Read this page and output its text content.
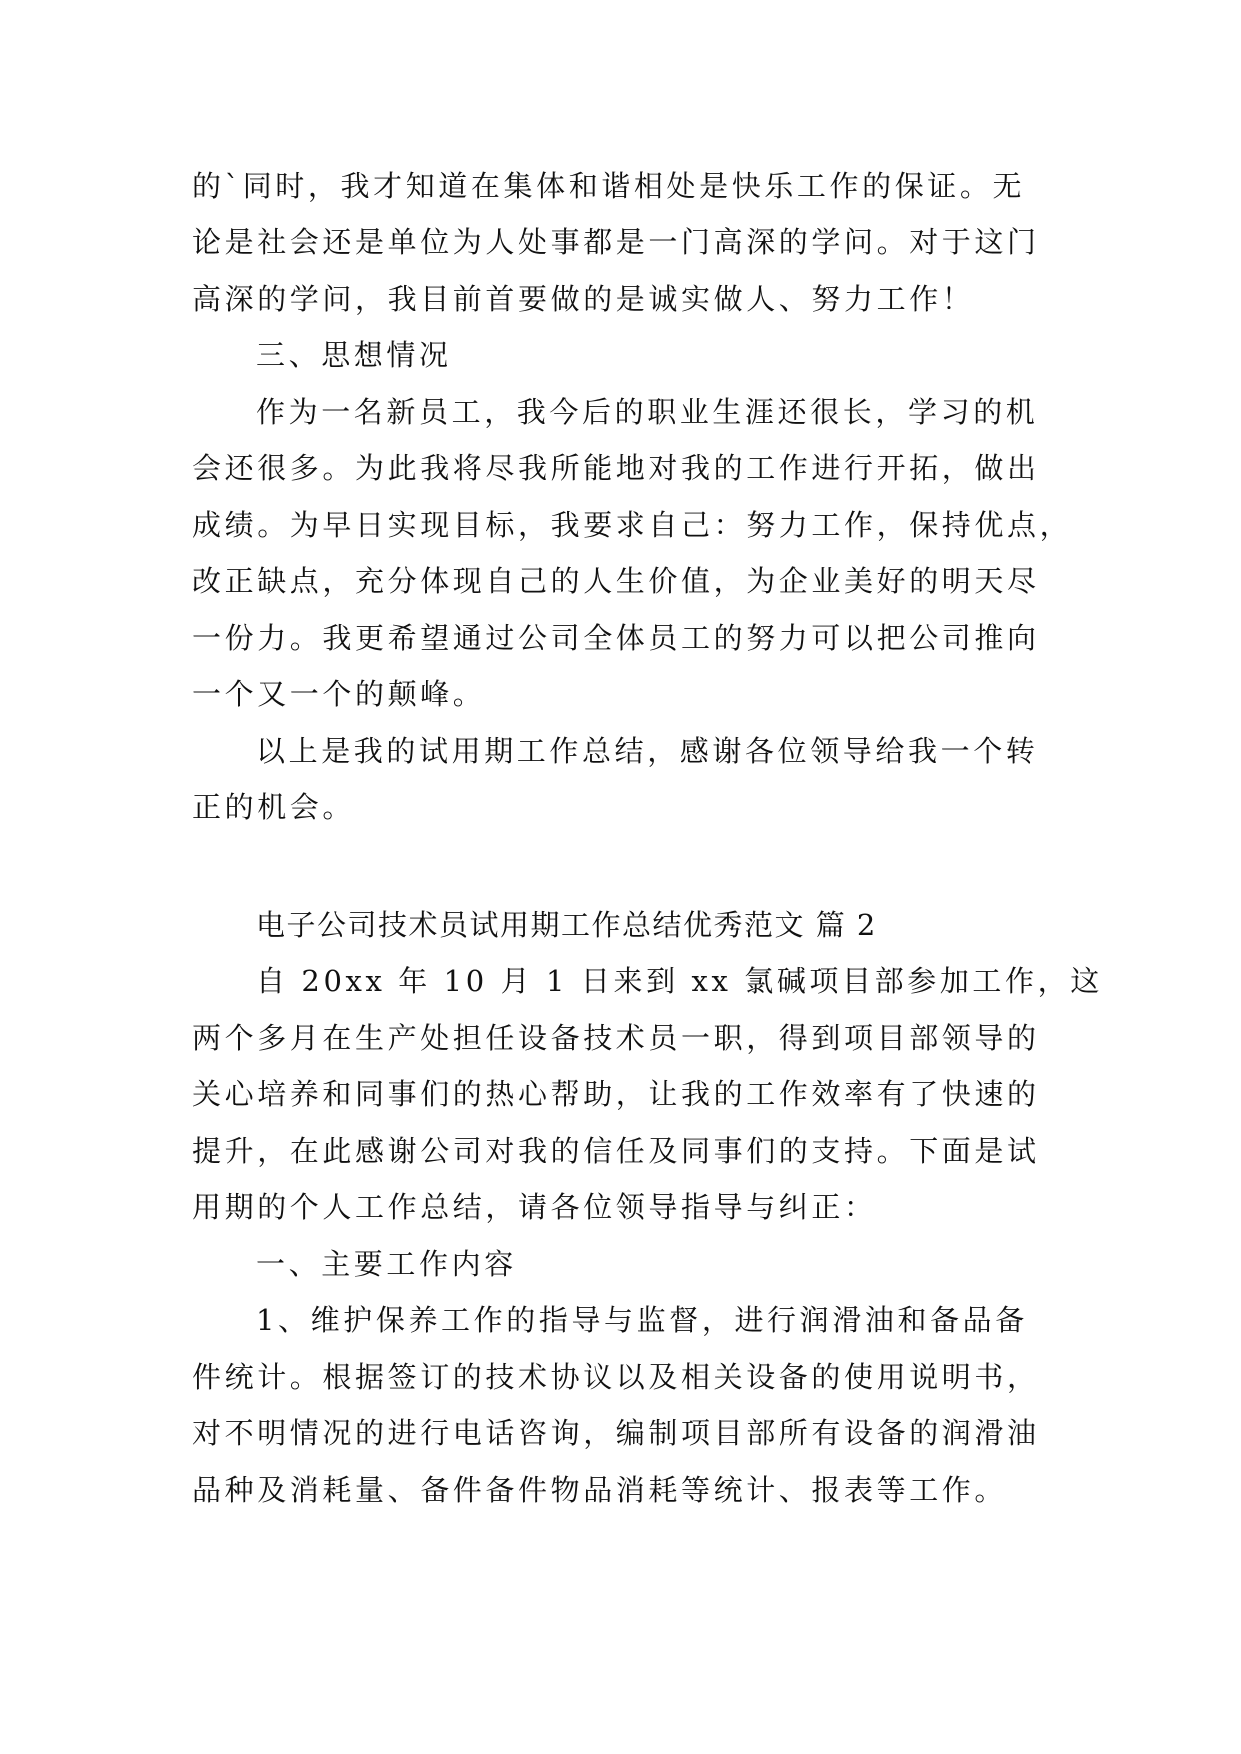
的`同时，我才知道在集体和谐相处是快乐工作的保证。无
论是社会还是单位为人处事都是一门高深的学问。对于这门
高深的学问，我目前首要做的是诚实做人、努力工作！
三、思想情况
作为一名新员工，我今后的职业生涯还很长，学习的机
会还很多。为此我将尽我所能地对我的工作进行开拓，做出
成绩。为早日实现目标，我要求自己：努力工作，保持优点，
改正缺点，充分体现自己的人生价值，为企业美好的明天尽
一份力。我更希望通过公司全体员工的努力可以把公司推向
一个又一个的颠峰。
以上是我的试用期工作总结，感谢各位领导给我一个转
正的机会。
电子公司技术员试用期工作总结优秀范文 篇 2
自 20xx 年 10 月 1 日来到 xx 氯碱项目部参加工作，这
两个多月在生产处担任设备技术员一职，得到项目部领导的
关心培养和同事们的热心帮助，让我的工作效率有了快速的
提升，在此感谢公司对我的信任及同事们的支持。下面是试
用期的个人工作总结，请各位领导指导与纠正：
一、主要工作内容
1、维护保养工作的指导与监督，进行润滑油和备品备
件统计。根据签订的技术协议以及相关设备的使用说明书，
对不明情况的进行电话咨询，编制项目部所有设备的润滑油
品种及消耗量、备件备件物品消耗等统计、报表等工作。
